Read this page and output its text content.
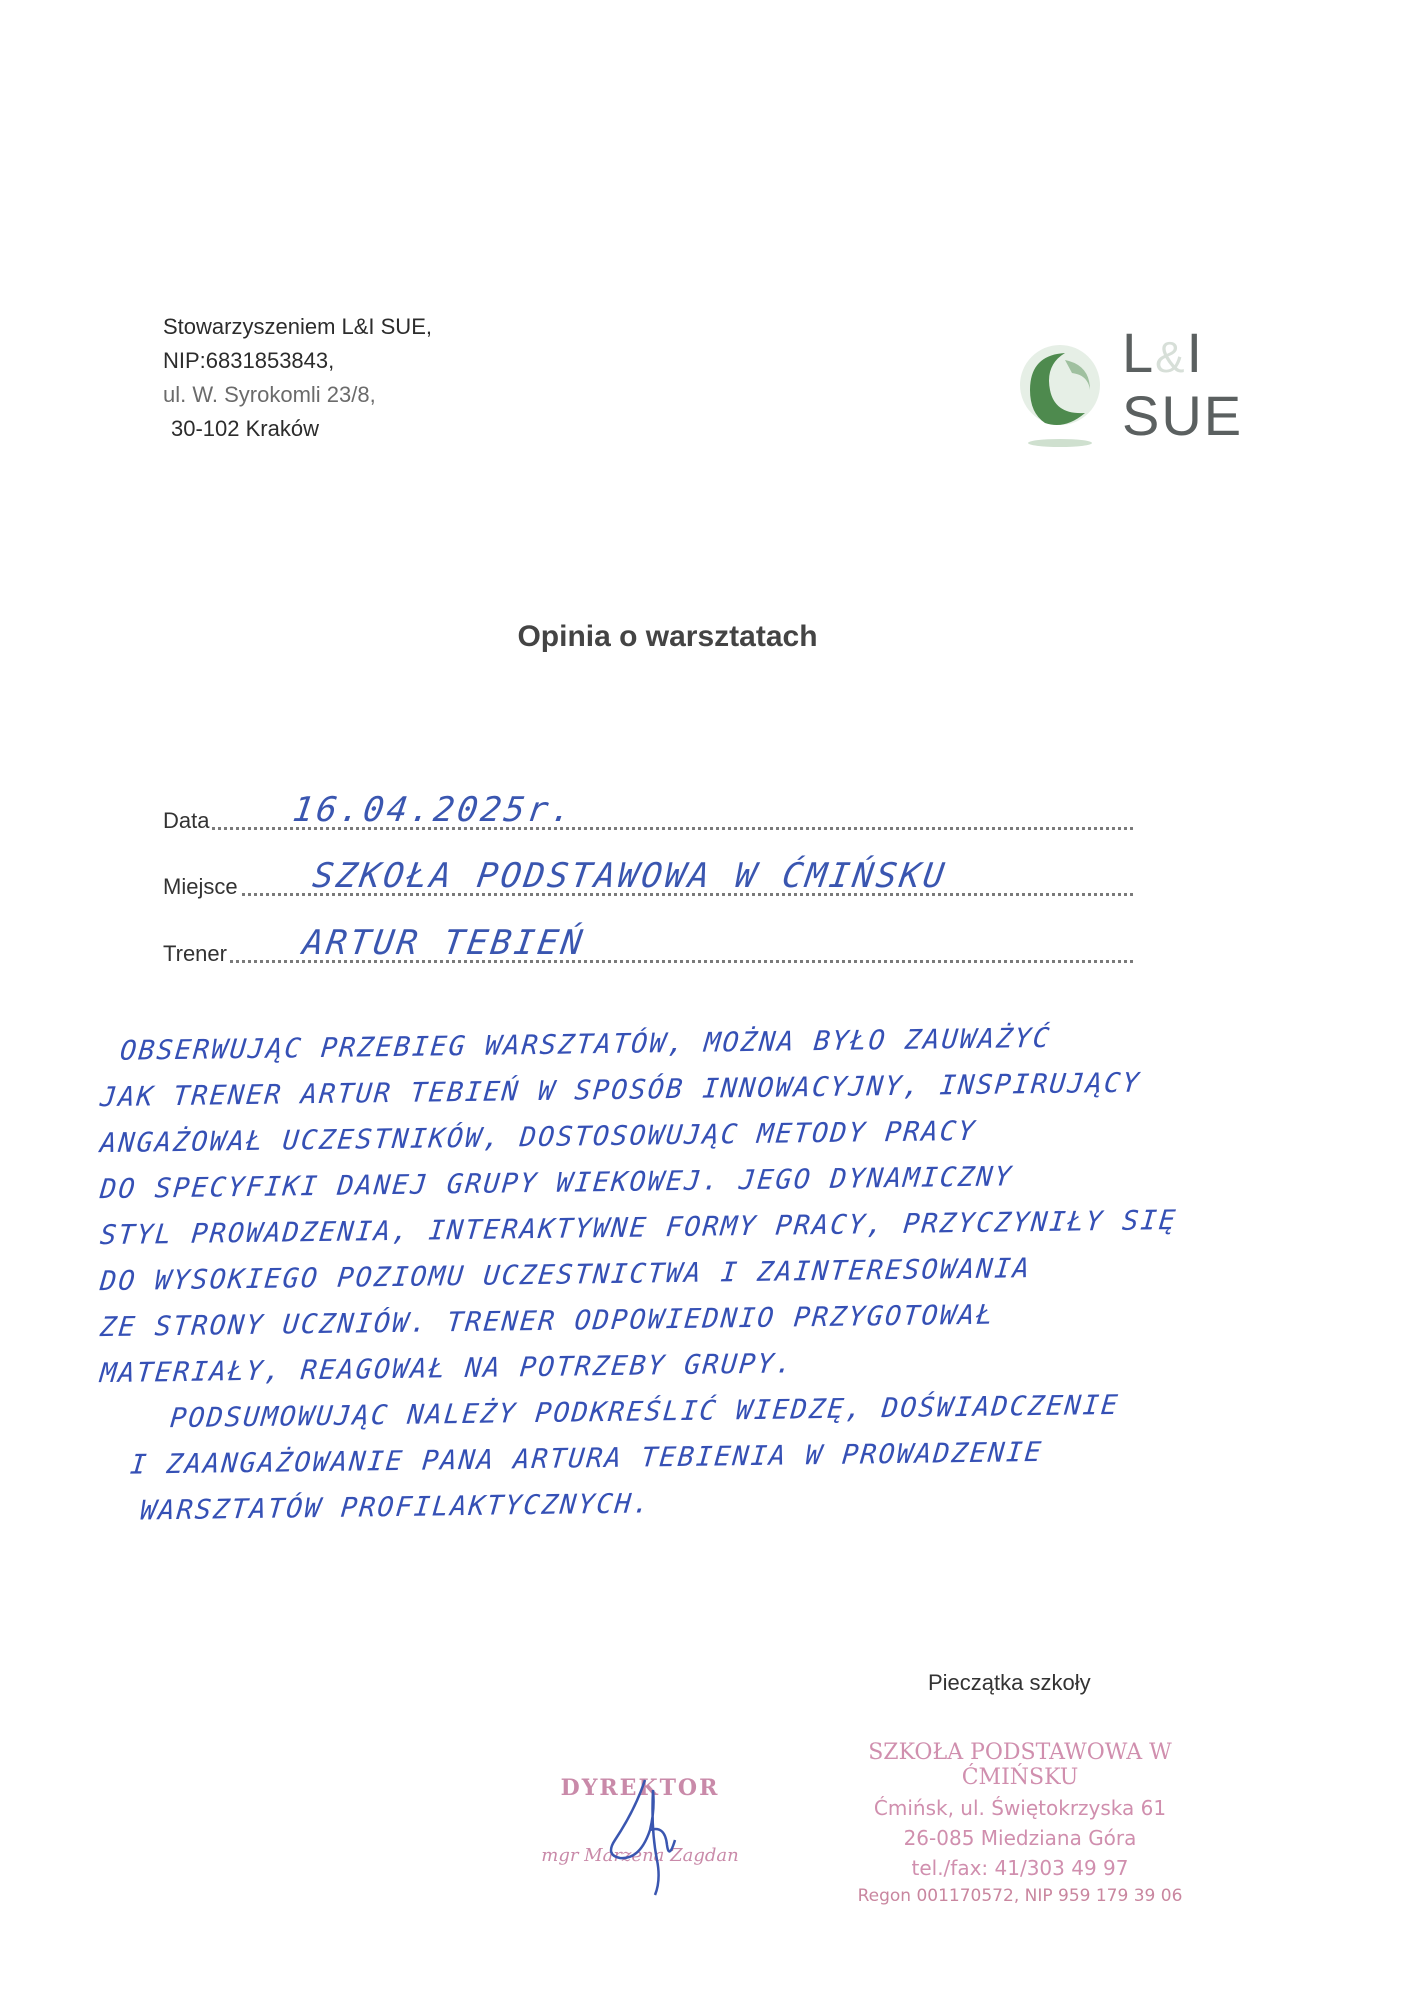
Stowarzyszeniem L&I SUE,
NIP:6831853843,
ul. W. Syrokomli 23/8,
30-102 Kraków
L&I
SUE
Opinia o warsztatach
Data 16.04.2025r.
Miejsce SZKOŁA PODSTAWOWA W ĆMIŃSKU
Trener ARTUR TEBIEŃ
OBSERWUJĄC PRZEBIEG WARSZTATÓW, MOŻNA BYŁO ZAUWAŻYĆ
JAK TRENER ARTUR TEBIEŃ W SPOSÓB INNOWACYJNY, INSPIRUJĄCY
ANGAŻOWAŁ UCZESTNIKÓW, DOSTOSOWUJĄC METODY PRACY
DO SPECYFIKI DANEJ GRUPY WIEKOWEJ. JEGO DYNAMICZNY
STYL PROWADZENIA, INTERAKTYWNE FORMY PRACY, PRZYCZYNIŁY SIĘ
DO WYSOKIEGO POZIOMU UCZESTNICTWA I ZAINTERESOWANIA
ZE STRONY UCZNIÓW. TRENER ODPOWIEDNIO PRZYGOTOWAŁ
MATERIAŁY, REAGOWAŁ NA POTRZEBY GRUPY.
PODSUMOWUJĄC NALEŻY PODKREŚLIĆ WIEDZĘ, DOŚWIADCZENIE
I ZAANGAŻOWANIE PANA ARTURA TEBIENIA W PROWADZENIE
WARSZTATÓW PROFILAKTYCZNYCH.
Pieczątka szkoły
DYREKTOR
mgr Marzena Zagdan
SZKOŁA PODSTAWOWA W ĆMIŃSKU
Ćmińsk, ul. Świętokrzyska 61
26-085 Miedziana Góra
tel./fax: 41/303 49 97
Regon 001170572, NIP 959 179 39 06
